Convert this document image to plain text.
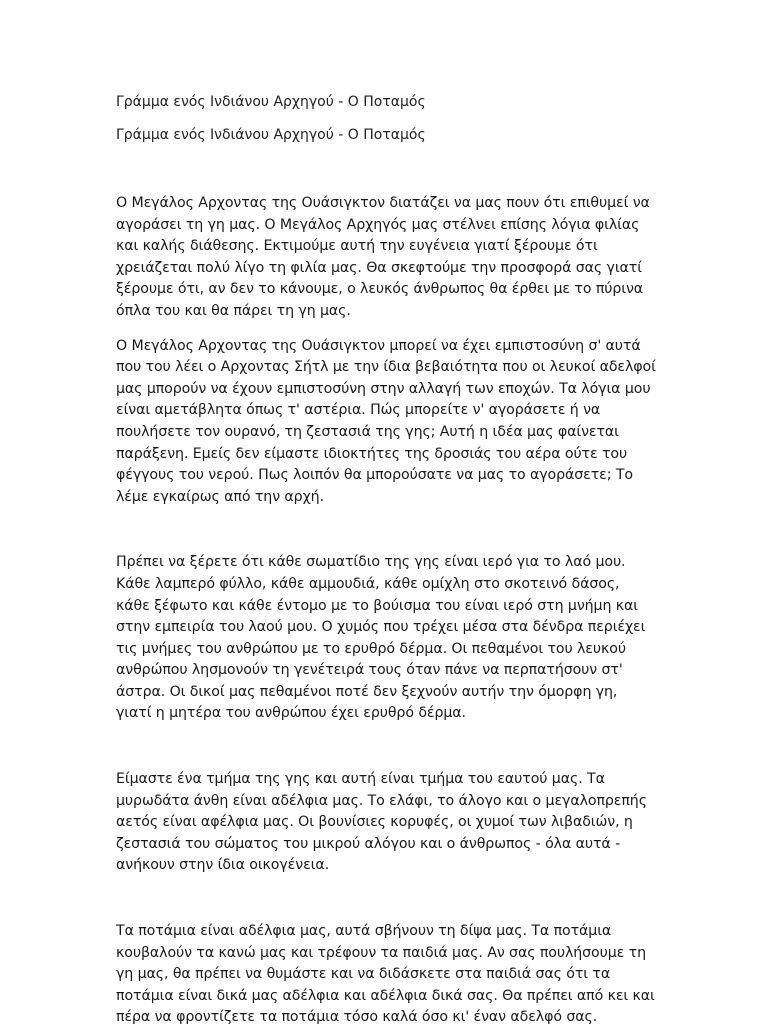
Γράμμα ενός Ινδιάνου Αρχηγού - Ο Ποταμός

Γράμμα ενός Ινδιάνου Αρχηγού - Ο Ποταμός

Ο Μεγάλος Αρχοντας της Ουάσιγκτον διατάζει να μας πουν ότι επιθυμεί να αγοράσει τη γη μας. Ο Μεγάλος Αρχηγός μας στέλνει επίσης λόγια φιλίας και καλής διάθεσης. Εκτιμούμε αυτή την ευγένεια γιατί ξέρουμε ότι χρειάζεται πολύ λίγο τη φιλία μας. Θα σκεφτούμε την προσφορά σας γιατί ξέρουμε ότι, αν δεν το κάνουμε, ο λευκός άνθρωπος θα έρθει με το πύρινα όπλα του και θα πάρει τη γη μας.

Ο Μεγάλος Αρχοντας της Ουάσιγκτον μπορεί να έχει εμπιστοσύνη σ' αυτά που του λέει ο Αρχοντας Σήτλ με την ίδια βεβαιότητα που οι λευκοί αδελφοί μας μπορούν να έχουν εμπιστοσύνη στην αλλαγή των εποχών. Τα λόγια μου είναι αμετάβλητα όπως τ' αστέρια. Πώς μπορείτε ν' αγοράσετε ή να πουλήσετε τον ουρανό, τη ζεστασιά της γης; Αυτή η ιδέα μας φαίνεται παράξενη. Εμείς δεν είμαστε ιδιοκτήτες της δροσιάς του αέρα ούτε του φέγγους του νερού. Πως λοιπόν θα μπορούσατε να μας το αγοράσετε; Το λέμε εγκαίρως από την αρχή.

Πρέπει να ξέρετε ότι κάθε σωματίδιο της γης είναι ιερό για το λαό μου. Κάθε λαμπερό φύλλο, κάθε αμμουδιά, κάθε ομίχλη στο σκοτεινό δάσος, κάθε ξέφωτο και κάθε έντομο με το βούισμα του είναι ιερό στη μνήμη και στην εμπειρία του λαού μου. Ο χυμός που τρέχει μέσα στα δένδρα περιέχει τις μνήμες του ανθρώπου με το ερυθρό δέρμα. Οι πεθαμένοι του λευκού ανθρώπου λησμονούν τη γενέτειρά τους όταν πάνε να περπατήσουν στ' άστρα. Οι δικοί μας πεθαμένοι ποτέ δεν ξεχνούν αυτήν την όμορφη γη, γιατί η μητέρα του ανθρώπου έχει ερυθρό δέρμα.

Είμαστε ένα τμήμα της γης και αυτή είναι τμήμα του εαυτού μας. Τα μυρωδάτα άνθη είναι αδέλφια μας. Το ελάφι, το άλογο και ο μεγαλοπρεπής αετός είναι αφέλφια μας. Οι βουνίσιες κορυφές, οι χυμοί των λιβαδιών, η ζεστασιά του σώματος του μικρού αλόγου και ο άνθρωπος - όλα αυτά - ανήκουν στην ίδια οικογένεια.

Τα ποτάμια είναι αδέλφια μας, αυτά σβήνουν τη δίψα μας. Τα ποτάμια κουβαλούν τα κανώ μας και τρέφουν τα παιδιά μας. Αν σας πουλήσουμε τη γη μας, θα πρέπει να θυμάστε και να διδάσκετε στα παιδιά σας ότι τα ποτάμια είναι δικά μας αδέλφια και αδέλφια δικά σας. Θα πρέπει από κει και πέρα να φροντίζετε τα ποτάμια τόσο καλά όσο κι' έναν αδελφό σας.
